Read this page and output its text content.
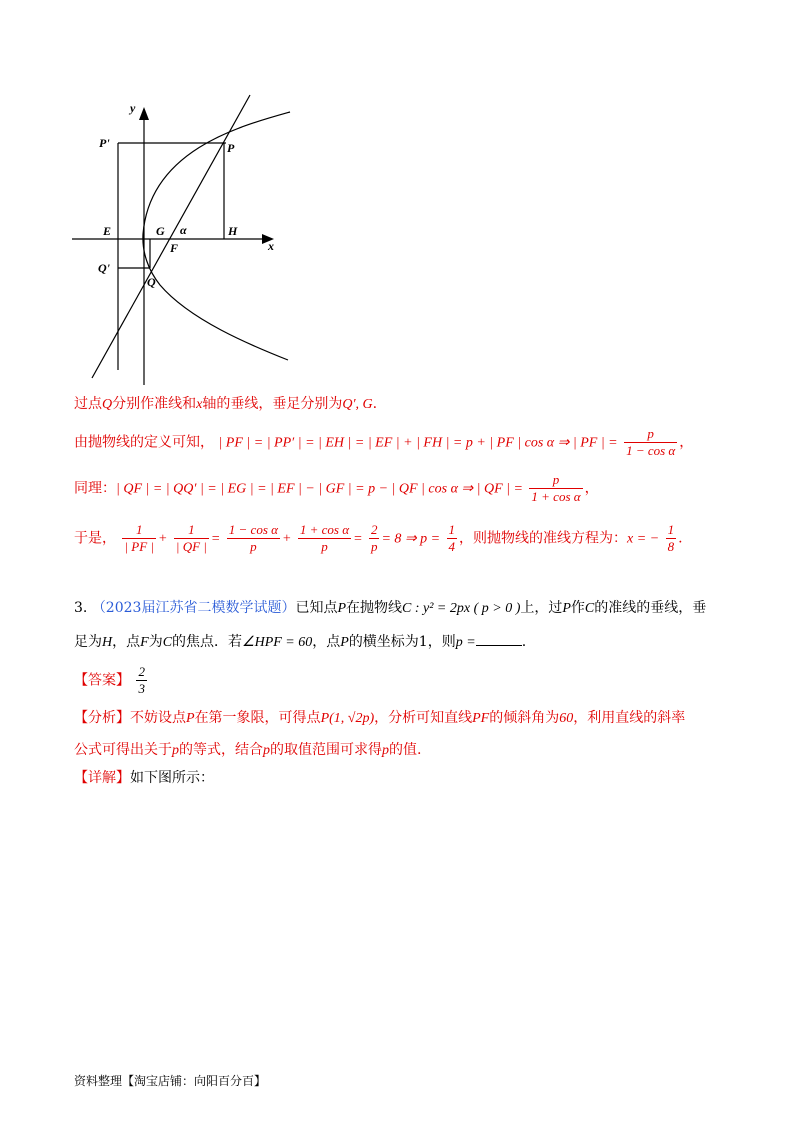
y
x
P'	P
E	G α	H
F
Q'
Q
过点Q分别作准线和x轴的垂线，垂足分别为Q′, G.
由抛物线的定义可知， | PF | = | PP′ | = | EH | = | EF | + | FH | = p + | PF | cos α ⇒ | PF | = $\frac{p}{\text{1 − cos α}}$ ，
同理：| QF | = | QQ′ | = | EG | = | EF | − | GF | = p − | QF | cos α ⇒ | QF | = $\frac{p}{\text{1 + cos α}}$ ，
于是， $\frac{1}{| PF |} + \frac{1}{| QF |} = \frac{\text{1 − cos α}}{p} + \frac{\text{1 + cos α}}{p} = \frac{2}{p} = 8$ ⇒ $p = \frac{1}{4}$ ，则抛物线的准线方程为：x = − $\frac{1}{8}$ .
3. （2023届江苏省二模数学试题）已知点P在抛物线C : y² = 2px ( p > 0 )上，过P作C的准线的垂线，垂
足为H，点F为C的焦点．若∠HPF = 60，点P的横坐标为1，则p =	.
【答案】 $\frac{2}{3}$
【分析】不妨设点P在第一象限，可得点P(1, √2p)，分析可知直线PF的倾斜角为60，利用直线的斜率
公式可得出关于p的等式，结合p的取值范围可求得p的值.
【详解】如下图所示：
资料整理【淘宝店铺：向阳百分百】
